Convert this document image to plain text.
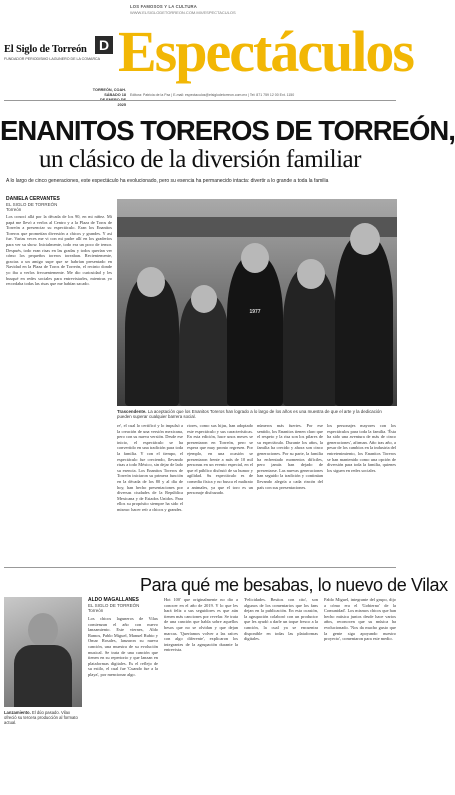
LOS FAMOSOS Y LA CULTURA
WWW.ELSIGLODETORREON.COM.MX/ESPECTACULOS
El Siglo de Torreón
FUNDADOR PERIODISMO LAGUNERO DE LA COMARCA
D Espectáculos
TORREÓN, COAH.
SÁBADO 18
2025
Editora: Patricia de la Paz | E-mail: espectaculos@elsiglodetorreon.com.mx | Tel: 871 759 12 00 Ext. 1150
ENANITOS TOREROS DE TORREÓN,
un clásico de la diversión familiar
A lo largo de cinco generaciones, este espectáculo ha evolucionado, pero su esencia ha permanecido intacta: divertir a lo grande a toda la familia
DANIELA CERVANTES
EL SIGLO DE TORREÓN
Torreón
Los conocí allá por la década de los 90, en mi niñez. Mi papá me llevó a verlos al Centro y a la Plaza de Toros de Torreón a presenciar su espectáculo. Eran los Enanitos Toreros que prometían diversión a chicos y grandes. Y así fue. Varias veces me vi con mi padre allí en los graderíos para ver su show. Inicialmente, todo era un poco de temor. Después, todo eran risas en las gradas y todos querían ver cómo los pequeños toreros toreaban. Recientemente, gracias a un amigo supe que se habrían presentado en Navidad en la Plaza de Toros de Torreón, el recinto donde yo iba a verlos frecuentemente. Me dio curiosidad y les busqué en redes sociales para entrevistarles, mientras yo recordaba todas las risas que me habían sacado.
1977
Trascendente. La aceptación que los Enanitos Toreros han logrado a lo largo de los años es una muestra de que el arte y la dedicación pueden superar cualquier barrera social.
re', el cual lo certificó y lo impulsó a la creación de una versión mexicana, pero con su nueva versión. Desde ese inicio, el espectáculo se ha convertido en una tradición para toda la familia. Y con el tiempo, el espectáculo fue creciendo, llevando risas a todo México, sin dejar de lado su esencia. Los Enanitos Toreros de Torreón iniciaron su primera función en la década de los 80 y al día de hoy, han hecho presentaciones por diversas ciudades de la República Mexicana y de Estados Unidos. Para ellos su propósito siempre ha sido el mismo: hacer reír a chicos y grandes.
riores, como sus hijas, han adoptado este espectáculo y sus características. En esta edición, hace unos meses se presentaron en Torreón, pero se espera que muy pronto regresen. Por ejemplo, en una ocasión se presentaron frente a más de 10 mil personas en un evento especial, en el que el público disfrutó de su humor y agilidad. Su espectáculo es de comedia física y no busca el maltrato a animales, ya que el toro es un personaje disfrazado.
números más fuertes. Por ese sentido, los Enanitos tienen claro que el respeto y la risa son los pilares de su espectáculo. Durante los años, la familia ha crecido y ahora son cinco generaciones. Por su parte, la familia ha enfrentado momentos difíciles, pero jamás han dejado de presentarse. Las nuevas generaciones han seguido la tradición y continúan llevando alegría a cada rincón del país con sus presentaciones.
los personajes mayores con los espectáculos para toda la familia. 'Ésta ha sido una aventura de más de cinco generaciones', afirman. Año tras año, a pesar de los cambios en la industria del entretenimiento, los Enanitos Toreros se han mantenido como una opción de diversión para toda la familia, quienes los siguen en redes sociales.
Para qué me besabas, lo nuevo de Vilax
Lanzamiento. El dúo pasado. Vilax ofreció su tercera producción al formato actual.
ALDO MAGALLANES
EL SIGLO DE TORREÓN
Torreón
Los chicos laguneros de Vilax comienzan el año con nuevo lanzamiento. Este viernes, Aldo Ramos, Pablo Miguel, Manuel Rubio y Omar Rosales, lanzaron su nueva canción, una muestra de su evolución musical. Se trata de una canción que tienen en su repertorio y que lanzan en plataformas digitales. Es el reflejo de su estilo, el cual fue 'Cuando fue a la playa', por mencionar algo.
Hot 100' que originalmente no dio a conocer en el año de 2019. Y lo que les hará feliz a sus seguidores es que aún tienen más canciones por revelar. Se trata de una canción que habla sobre aquellos besos que no se olvidan y que dejan marcas. 'Queríamos volver a las raíces con algo diferente', explicaron los integrantes de la agrupación durante la entrevista.
'Felicidades. Besitos con cito', son algunos de los comentarios que los fans dejan en la publicación. En esta ocasión, la agrupación colaboró con un productor que les ayudó a darle un toque fresco a la canción, la cual ya se encuentra disponible en todas las plataformas digitales.
Pablo Miguel, integrante del grupo, dijo a cómo era el 'Gobierno' de la Comunidad'. Los mismos chicos que han hecho música juntos desde hace varios años, reconocen que su música ha evolucionado. 'Nos da mucho gusto que la gente siga apoyando nuestro proyecto', comentaron para este medio.
